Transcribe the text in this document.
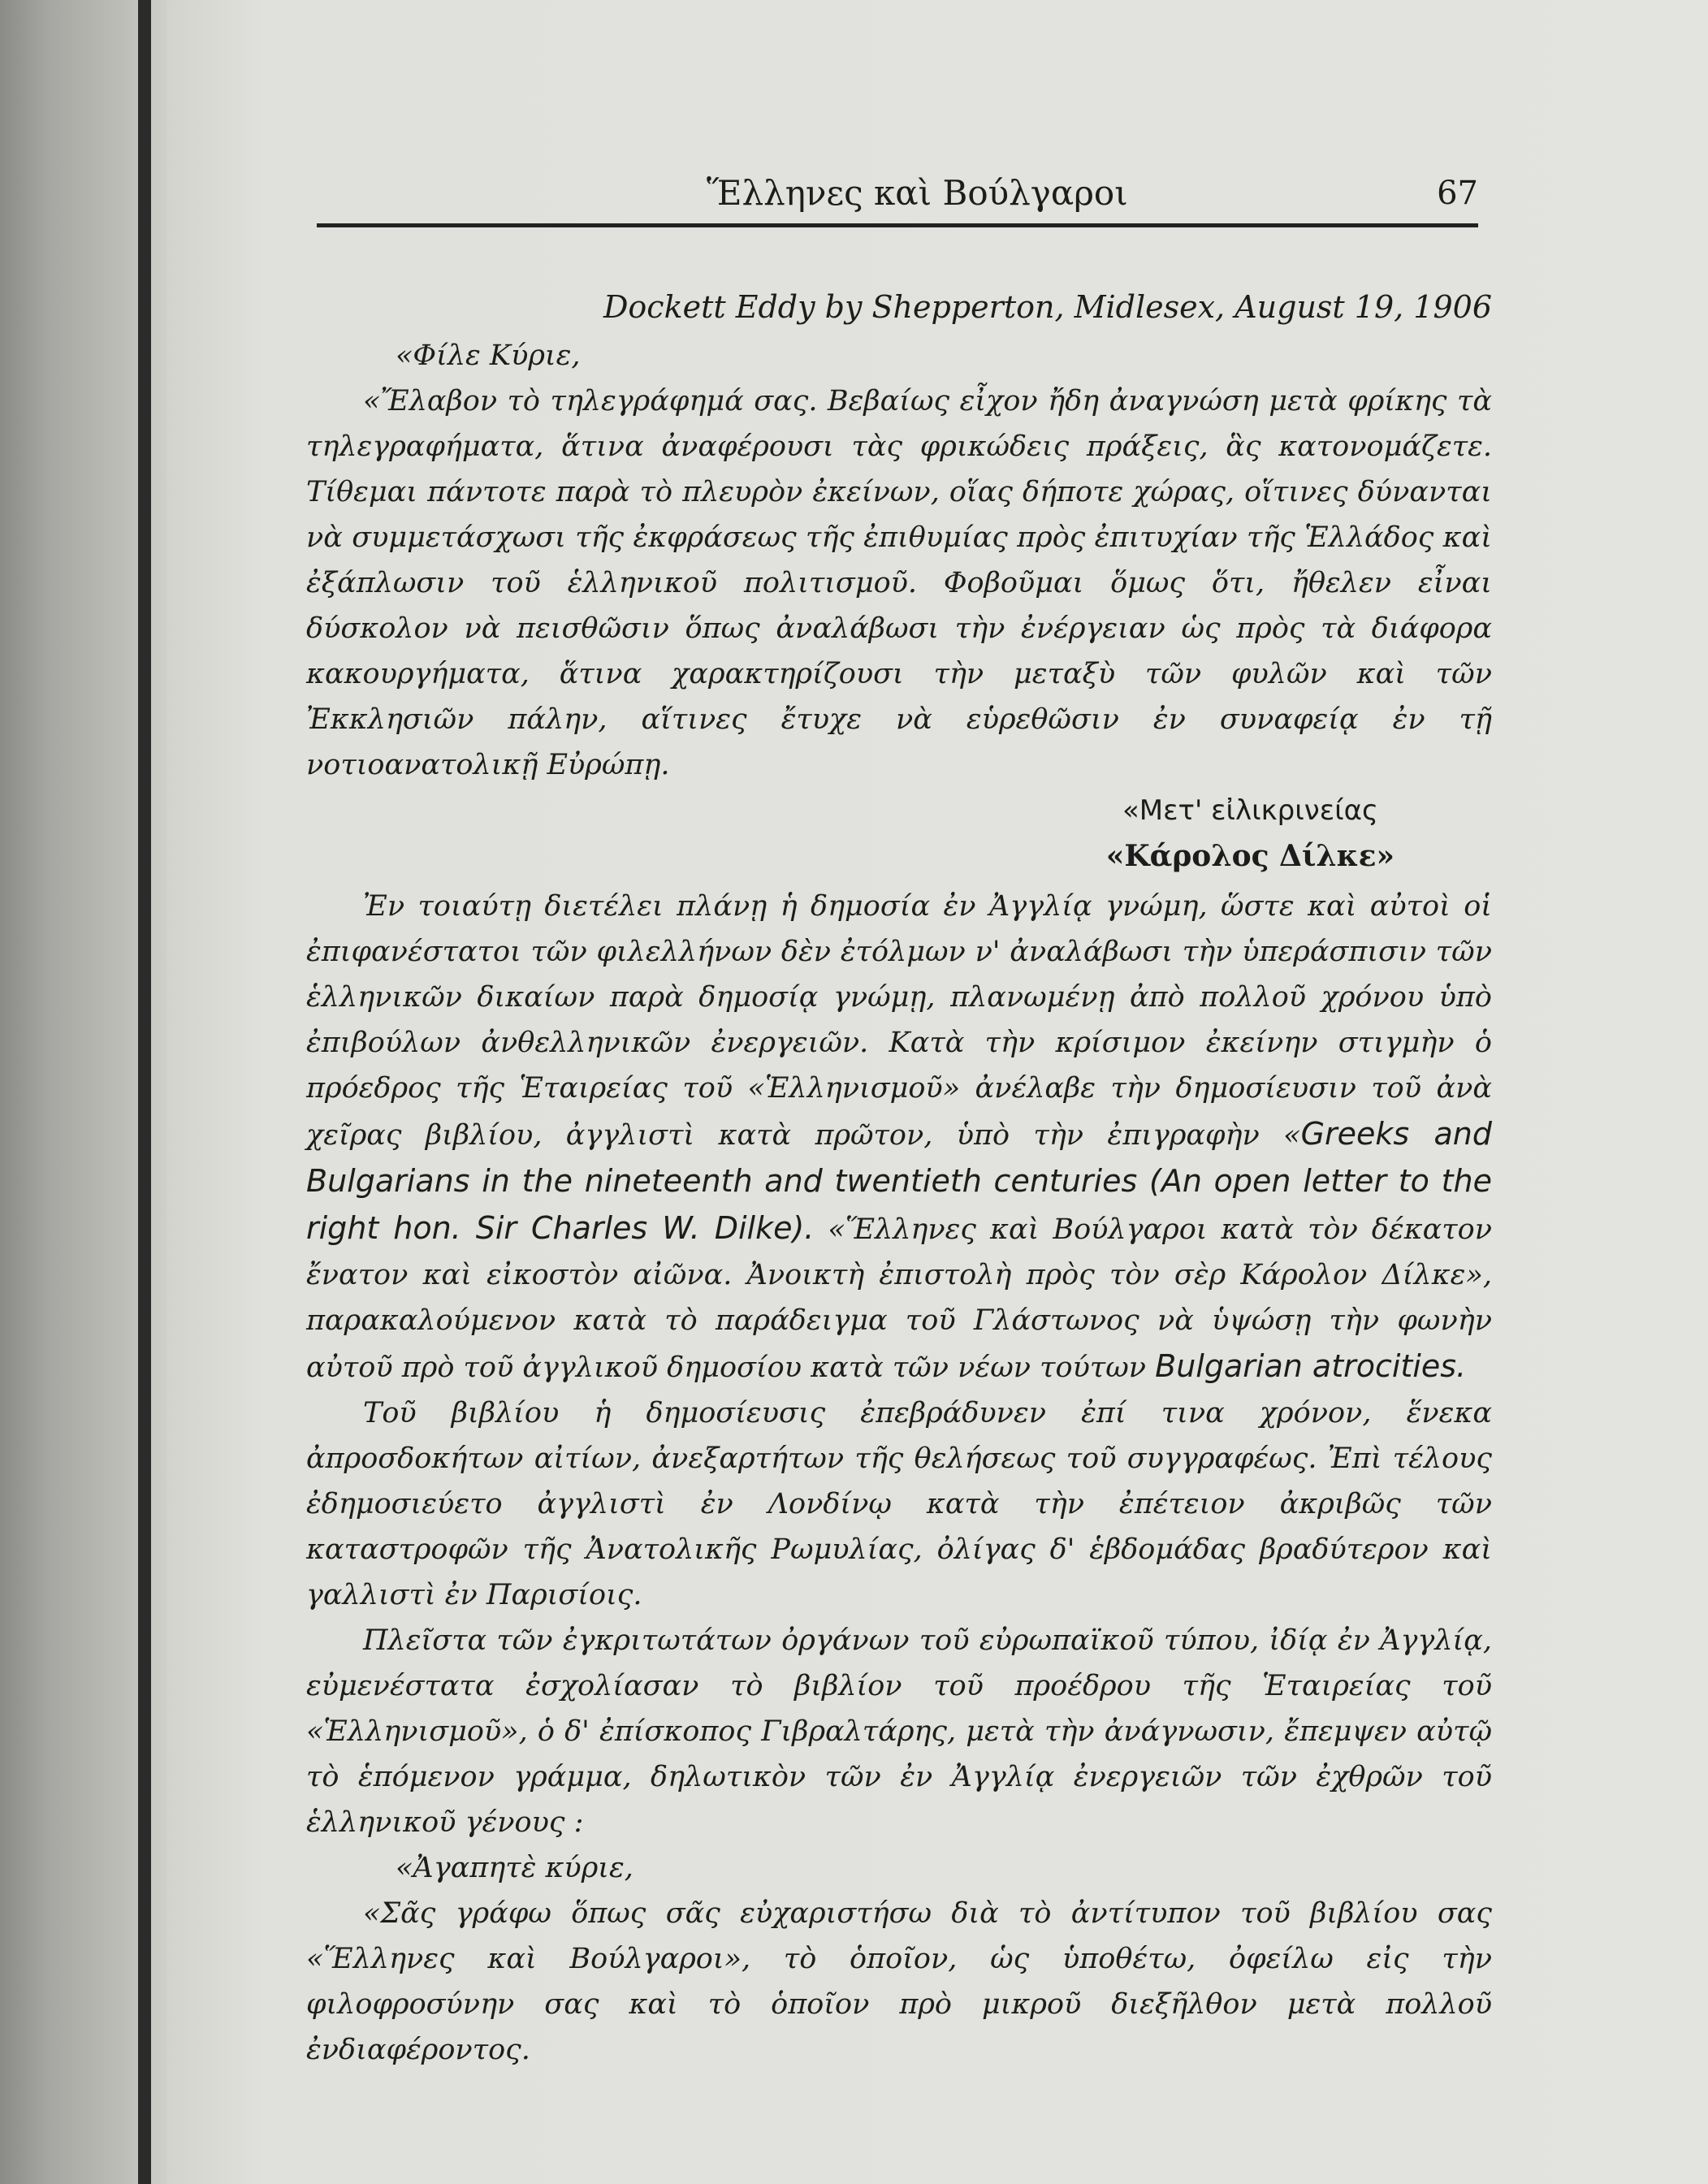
Ἕλληνες καὶ Βούλγαροι	67

Dockett Eddy by Shepperton, Midlesex, August 19, 1906

«Φίλε Κύριε,

«Ἔλαβον τὸ τηλεγράφημά σας. Βεβαίως εἶχον ἤδη ἀναγνώση μετὰ φρίκης τὰ τηλεγραφήματα, ἅτινα ἀναφέρουσι τὰς φρικώδεις πράξεις, ἃς κατονομάζετε. Τίθεμαι πάντοτε παρὰ τὸ πλευρὸν ἐκείνων, οἵας δήποτε χώρας, οἵτινες δύνανται νὰ συμμετάσχωσι τῆς ἐκφράσεως τῆς ἐπιθυμίας πρὸς ἐπιτυχίαν τῆς Ἑλλάδος καὶ ἐξάπλωσιν τοῦ ἑλληνικοῦ πολιτισμοῦ. Φοβοῦμαι ὅμως ὅτι, ἤθελεν εἶναι δύσκολον νὰ πεισθῶσιν ὅπως ἀναλάβωσι τὴν ἐνέργειαν ὡς πρὸς τὰ διάφορα κακουργήματα, ἅτινα χαρακτηρίζουσι τὴν μεταξὺ τῶν φυλῶν καὶ τῶν Ἐκκλησιῶν πάλην, αἵτινες ἔτυχε νὰ εὑρεθῶσιν ἐν συναφείᾳ ἐν τῇ νοτιοανατολικῇ Εὐρώπῃ.

«Μετ' εἰλικρινείας

«Κάρολος Δίλκε»

Ἐν τοιαύτῃ διετέλει πλάνῃ ἡ δημοσία ἐν Ἀγγλίᾳ γνώμη, ὥστε καὶ αὐτοὶ οἱ ἐπιφανέστατοι τῶν φιλελλήνων δὲν ἐτόλμων ν' ἀναλάβωσι τὴν ὑπεράσπισιν τῶν ἑλληνικῶν δικαίων παρὰ δημοσίᾳ γνώμῃ, πλανωμένῃ ἀπὸ πολλοῦ χρόνου ὑπὸ ἐπιβούλων ἀνθελληνικῶν ἐνεργειῶν. Κατὰ τὴν κρίσιμον ἐκείνην στιγμὴν ὁ πρόεδρος τῆς Ἑταιρείας τοῦ «Ἑλληνισμοῦ» ἀνέλαβε τὴν δημοσίευσιν τοῦ ἀνὰ χεῖρας βιβλίου, ἀγγλιστὶ κατὰ πρῶτον, ὑπὸ τὴν ἐπιγραφὴν «Greeks and Bulgarians in the nineteenth and twentieth centuries (An open letter to the right hon. Sir Charles W. Dilke). «Ἕλληνες καὶ Βούλγαροι κατὰ τὸν δέκατον ἔνατον καὶ εἰκοστὸν αἰῶνα. Ἀνοικτὴ ἐπιστολὴ πρὸς τὸν σὲρ Κάρολον Δίλκε», παρακαλούμενον κατὰ τὸ παράδειγμα τοῦ Γλάστωνος νὰ ὑψώσῃ τὴν φωνὴν αὐτοῦ πρὸ τοῦ ἀγγλικοῦ δημοσίου κατὰ τῶν νέων τούτων Bulgarian atrocities.

Τοῦ βιβλίου ἡ δημοσίευσις ἐπεβράδυνεν ἐπί τινα χρόνον, ἕνεκα ἀπροσδοκήτων αἰτίων, ἀνεξαρτήτων τῆς θελήσεως τοῦ συγγραφέως. Ἐπὶ τέλους ἐδημοσιεύετο ἀγγλιστὶ ἐν Λονδίνῳ κατὰ τὴν ἐπέτειον ἀκριβῶς τῶν καταστροφῶν τῆς Ἀνατολικῆς Ρωμυλίας, ὀλίγας δ' ἑβδομάδας βραδύτερον καὶ γαλλιστὶ ἐν Παρισίοις.

Πλεῖστα τῶν ἐγκριτωτάτων ὀργάνων τοῦ εὐρωπαϊκοῦ τύπου, ἰδίᾳ ἐν Ἀγγλίᾳ, εὐμενέστατα ἐσχολίασαν τὸ βιβλίον τοῦ προέδρου τῆς Ἑταιρείας τοῦ «Ἑλληνισμοῦ», ὁ δ' ἐπίσκοπος Γιβραλτάρης, μετὰ τὴν ἀνάγνωσιν, ἔπεμψεν αὐτῷ τὸ ἑπόμενον γράμμα, δηλωτικὸν τῶν ἐν Ἀγγλίᾳ ἐνεργειῶν τῶν ἐχθρῶν τοῦ ἑλληνικοῦ γένους :

«Ἀγαπητὲ κύριε,

«Σᾶς γράφω ὅπως σᾶς εὐχαριστήσω διὰ τὸ ἀντίτυπον τοῦ βιβλίου σας «Ἕλληνες καὶ Βούλγαροι», τὸ ὁποῖον, ὡς ὑποθέτω, ὀφείλω εἰς τὴν φιλοφροσύνην σας καὶ τὸ ὁποῖον πρὸ μικροῦ διεξῆλθον μετὰ πολλοῦ ἐνδιαφέροντος.
